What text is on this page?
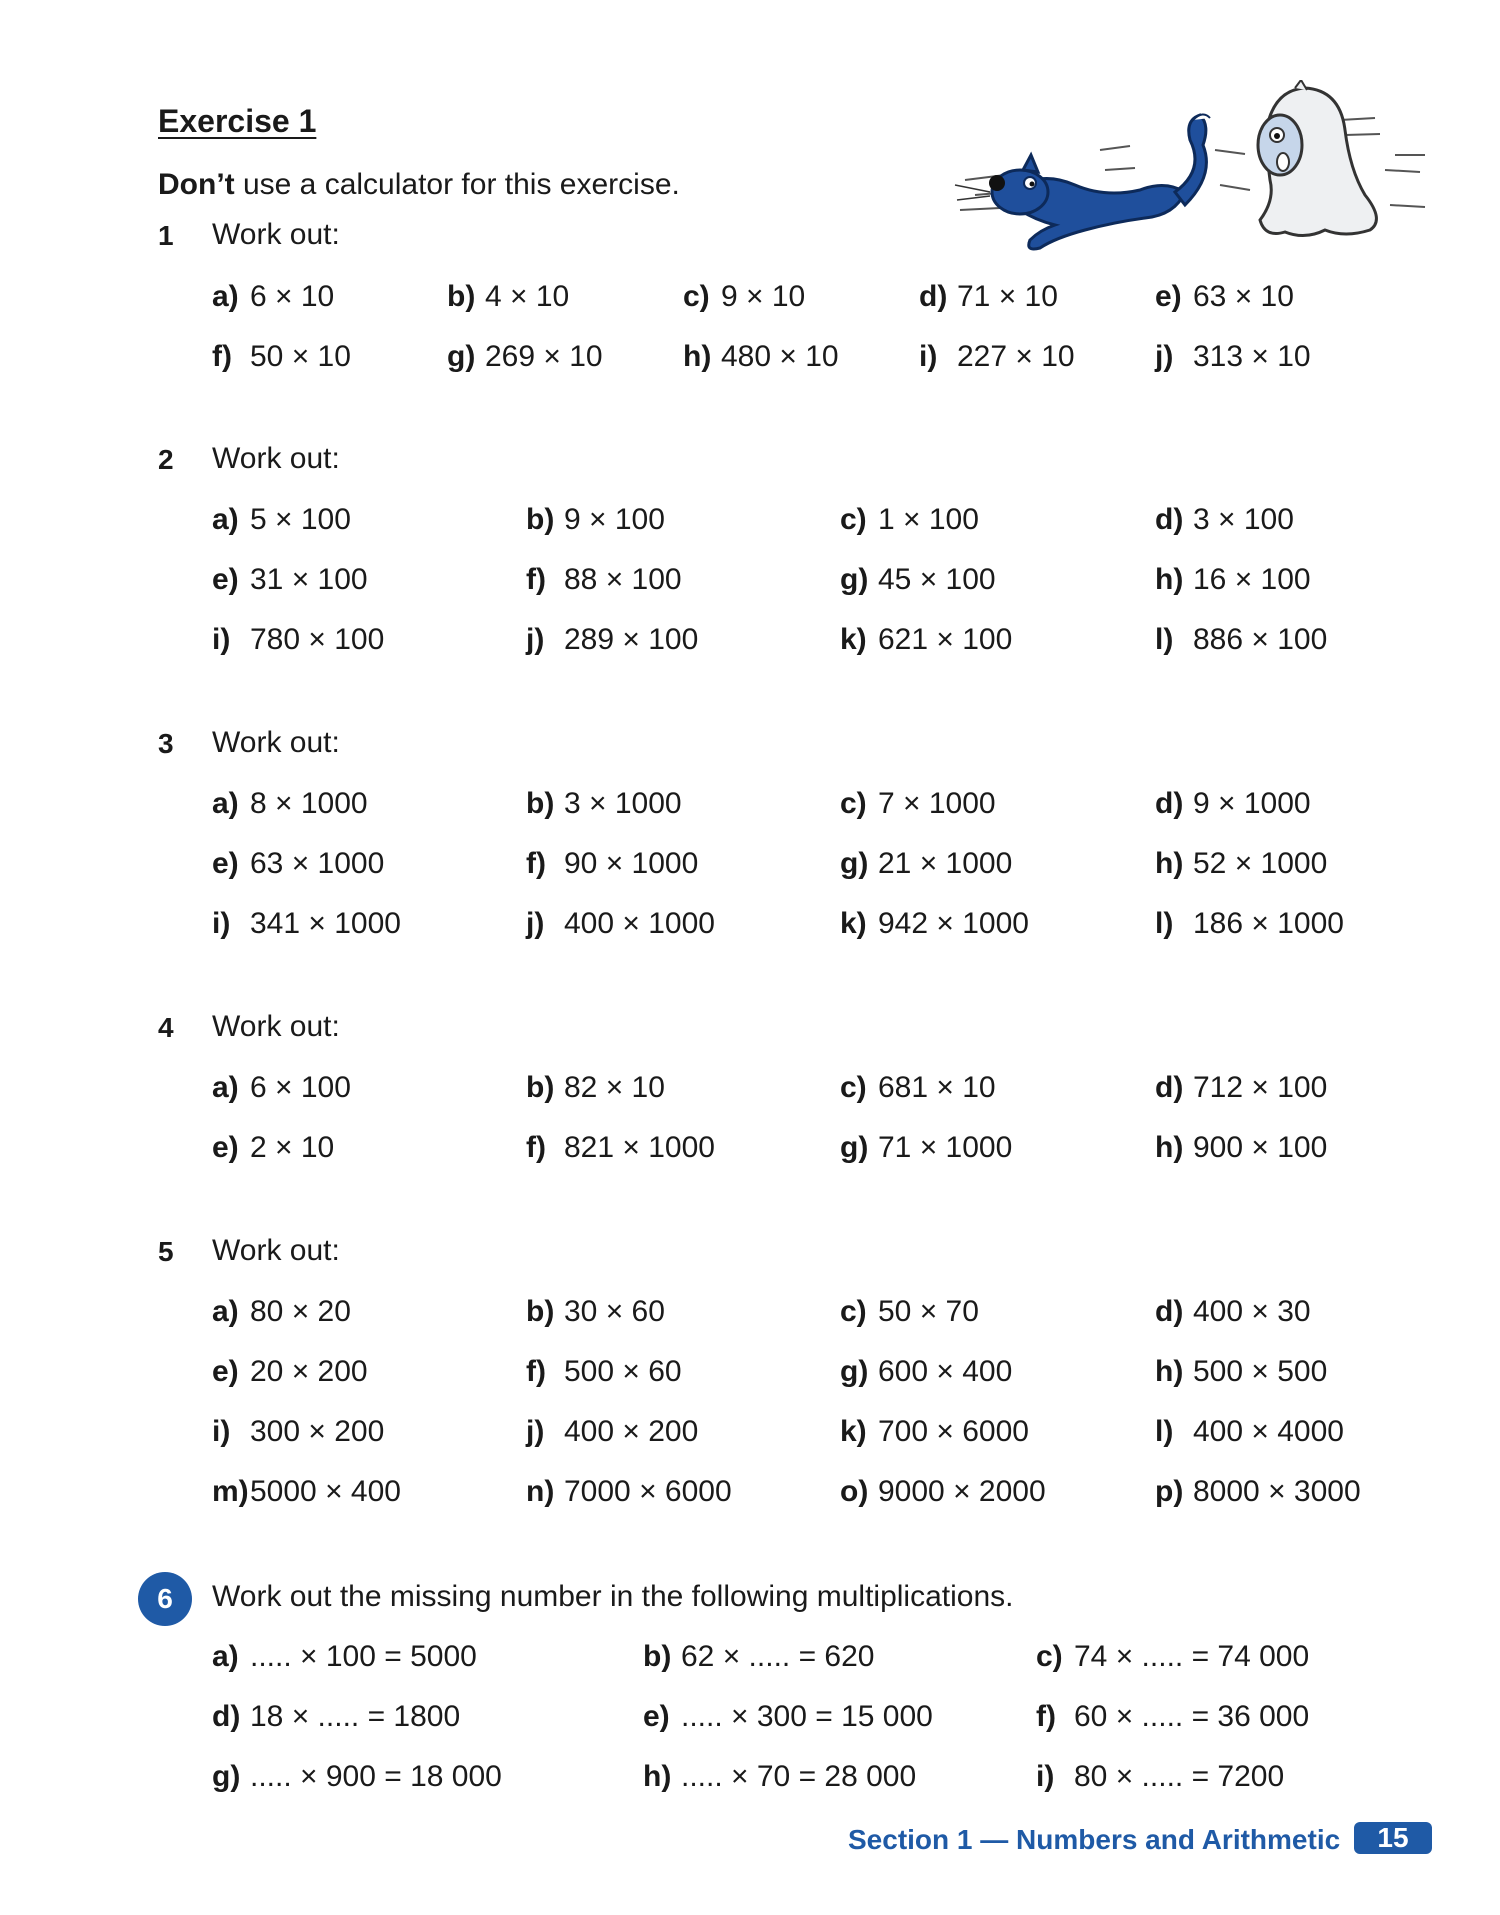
Exercise 1
Don’t use a calculator for this exercise.
1 Work out:
a) 6 × 10	b) 4 × 10	c) 9 × 10	d) 71 × 10	e) 63 × 10
f) 50 × 10	g) 269 × 10	h) 480 × 10	i) 227 × 10	j) 313 × 10
2 Work out:
a) 5 × 100	b) 9 × 100	c) 1 × 100	d) 3 × 100
e) 31 × 100	f) 88 × 100	g) 45 × 100	h) 16 × 100
i) 780 × 100	j) 289 × 100	k) 621 × 100	l) 886 × 100
3 Work out:
a) 8 × 1000	b) 3 × 1000	c) 7 × 1000	d) 9 × 1000
e) 63 × 1000	f) 90 × 1000	g) 21 × 1000	h) 52 × 1000
i) 341 × 1000	j) 400 × 1000	k) 942 × 1000	l) 186 × 1000
4 Work out:
a) 6 × 100	b) 82 × 10	c) 681 × 10	d) 712 × 100
e) 2 × 10	f) 821 × 1000	g) 71 × 1000	h) 900 × 100
5 Work out:
a) 80 × 20	b) 30 × 60	c) 50 × 70	d) 400 × 30
e) 20 × 200	f) 500 × 60	g) 600 × 400	h) 500 × 500
i) 300 × 200	j) 400 × 200	k) 700 × 6000	l) 400 × 4000
m)5000 × 400	n) 7000 × 6000	o) 9000 × 2000	p) 8000 × 3000
6	Work out the missing number in the following multiplications.
a) ..... × 100 = 5000	b) 62 × ..... = 620	c) 74 × ..... = 74 000
d) 18 × ..... = 1800	e) ..... × 300 = 15 000	f) 60 × ..... = 36 000
g) ..... × 900 = 18 000	h) ..... × 70 = 28 000	i) 80 × ..... = 7200
Section 1 — Numbers and Arithmetic	15
